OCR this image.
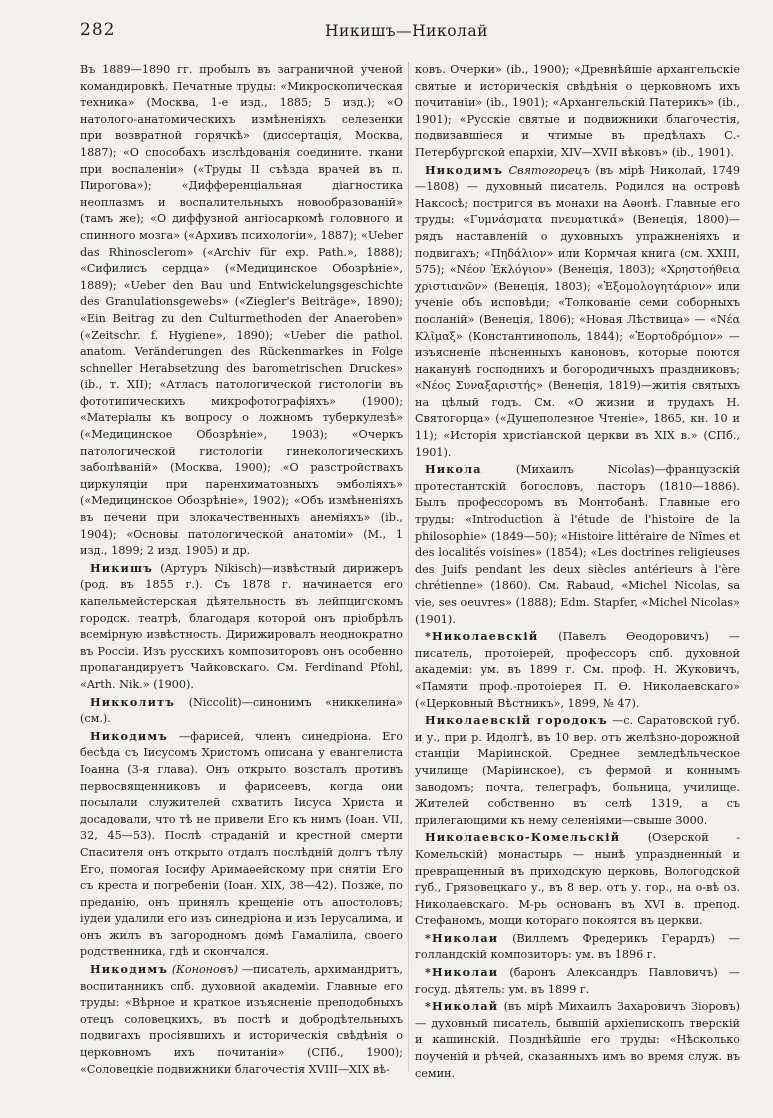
282	Никишъ—Николай

Въ 1889—1890 гг. пробылъ въ заграничной ученой командировкѣ. Печатные труды: «Микроскопическая техника» (Москва, 1-е изд., 1885; 5 изд.); «О натолого-анатомическихъ измѣненіяхъ селезенки при возвратной горячкѣ» (диссертація, Москва, 1887); «О способахъ изслѣдованія соедините. ткани при воспаленіи» («Труды II съѣзда врачей въ п. Пирогова»); «Дифференціальная діагностика неоплазмъ и воспалительныхъ новообразованій» (тамъ же); «О диффузной ангіосаркомѣ головного и спинного мозга» («Архивъ психологіи», 1887); «Ueber das Rhinosclerom» («Archiv für exp. Path.», 1888); «Сифилисъ сердца» («Медицинское Обозрѣніе», 1889); «Ueber den Bau und Entwickelungsgeschichte des Granulationsgewebs» («Ziegler's Beiträge», 1890); «Ein Beitrag zu den Culturmethoden der Anaeroben» («Zeitschr. f. Hygiene», 1890); «Ueber die pathol. anatom. Veränderungen des Rückenmarkes in Folge schneller Herabsetzung des barometrischen Druckes» (ib., т. XII); «Атласъ патологической гистологіи въ фототипическихъ микрофотографіяхъ» (1900); «Матеріалы къ вопросу о ложномъ туберкулезѣ» («Медицинское Обозрѣніе», 1903); «Очеркъ патологической гистологіи гинекологическихъ заболѣваній» (Москва, 1900); «О разстройствахъ циркуляціи при паренхиматозныхъ эмболіяхъ» («Медицинское Обозрѣніе», 1902); «Объ измѣненіяхъ въ печени при злокачественныхъ анеміяхъ» (ib., 1904); «Основы патологической анатоміи» (М., 1 изд., 1899; 2 изд. 1905) и др.

Никишъ (Артуръ Nikisch)—извѣстный дирижеръ (род. въ 1855 г.). Съ 1878 г. начинается его капельмейстерская дѣятельность въ лейпцигскомъ городск. театрѣ, благодаря которой онъ пріобрѣлъ всемірную извѣстность. Дирижировалъ неоднократно въ Россіи. Изъ русскихъ композиторовъ онъ особенно пропагандируетъ Чайковскаго. См. Ferdinand Pfohl, «Arth. Nik.» (1900).

Никколитъ (Niccolit)—синонимъ «никкелина» (см.).

Никодимъ —фарисей, членъ синедріона. Его бесѣда съ Іисусомъ Христомъ описана у евангелиста Іоанна (3-я глава). Онъ открыто возсталъ противъ первосвященниковъ и фарисеевъ, когда они посылали служителей схватить Іисуса Христа и досадовали, что тѣ не привели Его къ нимъ (Іоан. VII, 32, 45—53). Послѣ страданій и крестной смерти Спасителя онъ открыто отдалъ послѣдній долгъ тѣлу Его, помогая Іосифу Аримаѳейскому при снятіи Его съ креста и погребеніи (Іоан. XIX, 38—42). Позже, по преданію, онъ принялъ крещеніе отъ апостоловъ; іудеи удалили его изъ синедріона и изъ Іерусалима, и онъ жилъ въ загородномъ домѣ Гамаліила, своего родственника, гдѣ и скончался.

Никодимъ (Кононовъ) —писатель, архимандритъ, воспитанникъ спб. духовной академіи. Главные его труды: «Вѣрное и краткое изъясненіе преподобныхъ отецъ соловецкихъ, въ постѣ и добродѣтельныхъ подвигахъ просіявшихъ и историческія свѣдѣнія о церковномъ ихъ почитаніи» (СПб., 1900); «Соловецкіе подвижники благочестія XVIII—XIX вѣ-

ковъ. Очерки» (ib., 1900); «Древнѣйшіе архангельскіе святые и историческія свѣдѣнія о церковномъ ихъ почитаніи» (ib., 1901); «Архангельскій Патерикъ» (ib., 1901); «Русскіе святые и подвижники благочестія, подвизавшіеся и чтимые въ предѣлахъ С.-Петербургской епархіи, XIV—XVII вѣковъ» (ib., 1901).

Никодимъ Святогорецъ (въ мірѣ Николай, 1749—1808) — духовный писатель. Родился на островѣ Наксосѣ; постригся въ монахи на Аѳонѣ. Главные его труды: «Γυμνάσματα πνευματικά» (Венеція, 1800)—рядъ наставленій о духовныхъ упражненіяхъ и подвигахъ; «Πηδάλιον» или Кормчая книга (см. XXIII, 575); «Νέον Ἐκλόγιον» (Венеція, 1803); «Χρηστοήθεια χριστιανῶν» (Венеція, 1803); «Ἐξομολογητάριον» или ученіе объ исповѣди; «Толкованіе семи соборныхъ посланій» (Венеція, 1806); «Новая Лѣствица» — «Νέα Κλῖμαξ» (Константинополь, 1844); «Ἑορτοδρόμιον» — изъясненіе пѣсненныхъ каноновъ, которые поются наканунѣ господнихъ и богородичныхъ праздниковъ; «Νέος Συναξαριστής» (Венеція, 1819)—житія святыхъ на цѣлый годъ. См. «О жизни и трудахъ Н. Святогорца» («Душеполезное Чтеніе», 1865, кн. 10 и 11); «Исторія христіанской церкви въ XIX в.» (СПб., 1901).

Никола	(Михаилъ Nicolas)—французскій протестантскій богословъ, пасторъ (1810—1886). Былъ профессоромъ въ Монтобанѣ. Главные его труды: «Introduction à l'étude de l'histoire de la philosophie» (1849—50); «Histoire littéraire de Nîmes et des localités voisines» (1854); «Les doctrines religieuses des Juifs pendant les deux siècles antérieurs à l'ère chrétienne» (1860). См. Rabaud, «Michel Nicolas, sa vie, ses oeuvres» (1888); Edm. Stapfer, «Michel Nicolas» (1901).

*Николаевскій (Павелъ Ѳеодоровичъ) — писатель, протоіерей, профессоръ спб. духовной академіи: ум. въ 1899 г. См. проф. Н. Жуковичъ, «Памяти проф.-протоіерея П. Ѳ. Николаевскаго» («Церковный Вѣстникъ», 1899, № 47).

Николаевскій городокъ —с. Саратовской губ. и у., при р. Идолгѣ, въ 10 вер. отъ желѣзно-дорожной станціи Маріинской. Среднее земледѣльческое училище (Маріинское), съ фермой и коннымъ заводомъ; почта, телеграфъ, больница, училище. Жителей собственно въ селѣ 1319, а съ прилегающими къ нему селеніями—свыше 3000.

Николаевско-Комельскій (Озерской - Комельскій) монастырь — нынѣ упраздненный и превращенный въ приходскую церковь, Вологодской губ., Грязовецкаго у., въ 8 вер. отъ у. гор., на о-вѣ оз. Николаевскаго. М-рь основанъ въ XVI в. препод. Стефаномъ, мощи котораго покоятся въ церкви.

*Николаи (Виллемъ Фредерикъ Герардъ) — голландскій композиторъ: ум. въ 1896 г.

*Николаи (баронъ Александръ Павловичъ) — госуд. дѣятель: ум. въ 1899 г.

*Николай (въ мірѣ Михаилъ Захаровичъ Зiоровъ) — духовный писатель, бывшій архіепископъ тверскій и кашинскій. Позднѣйшіе его труды: «Нѣсколько поученій и рѣчей, сказанныхъ имъ во время служ. въ семин.
